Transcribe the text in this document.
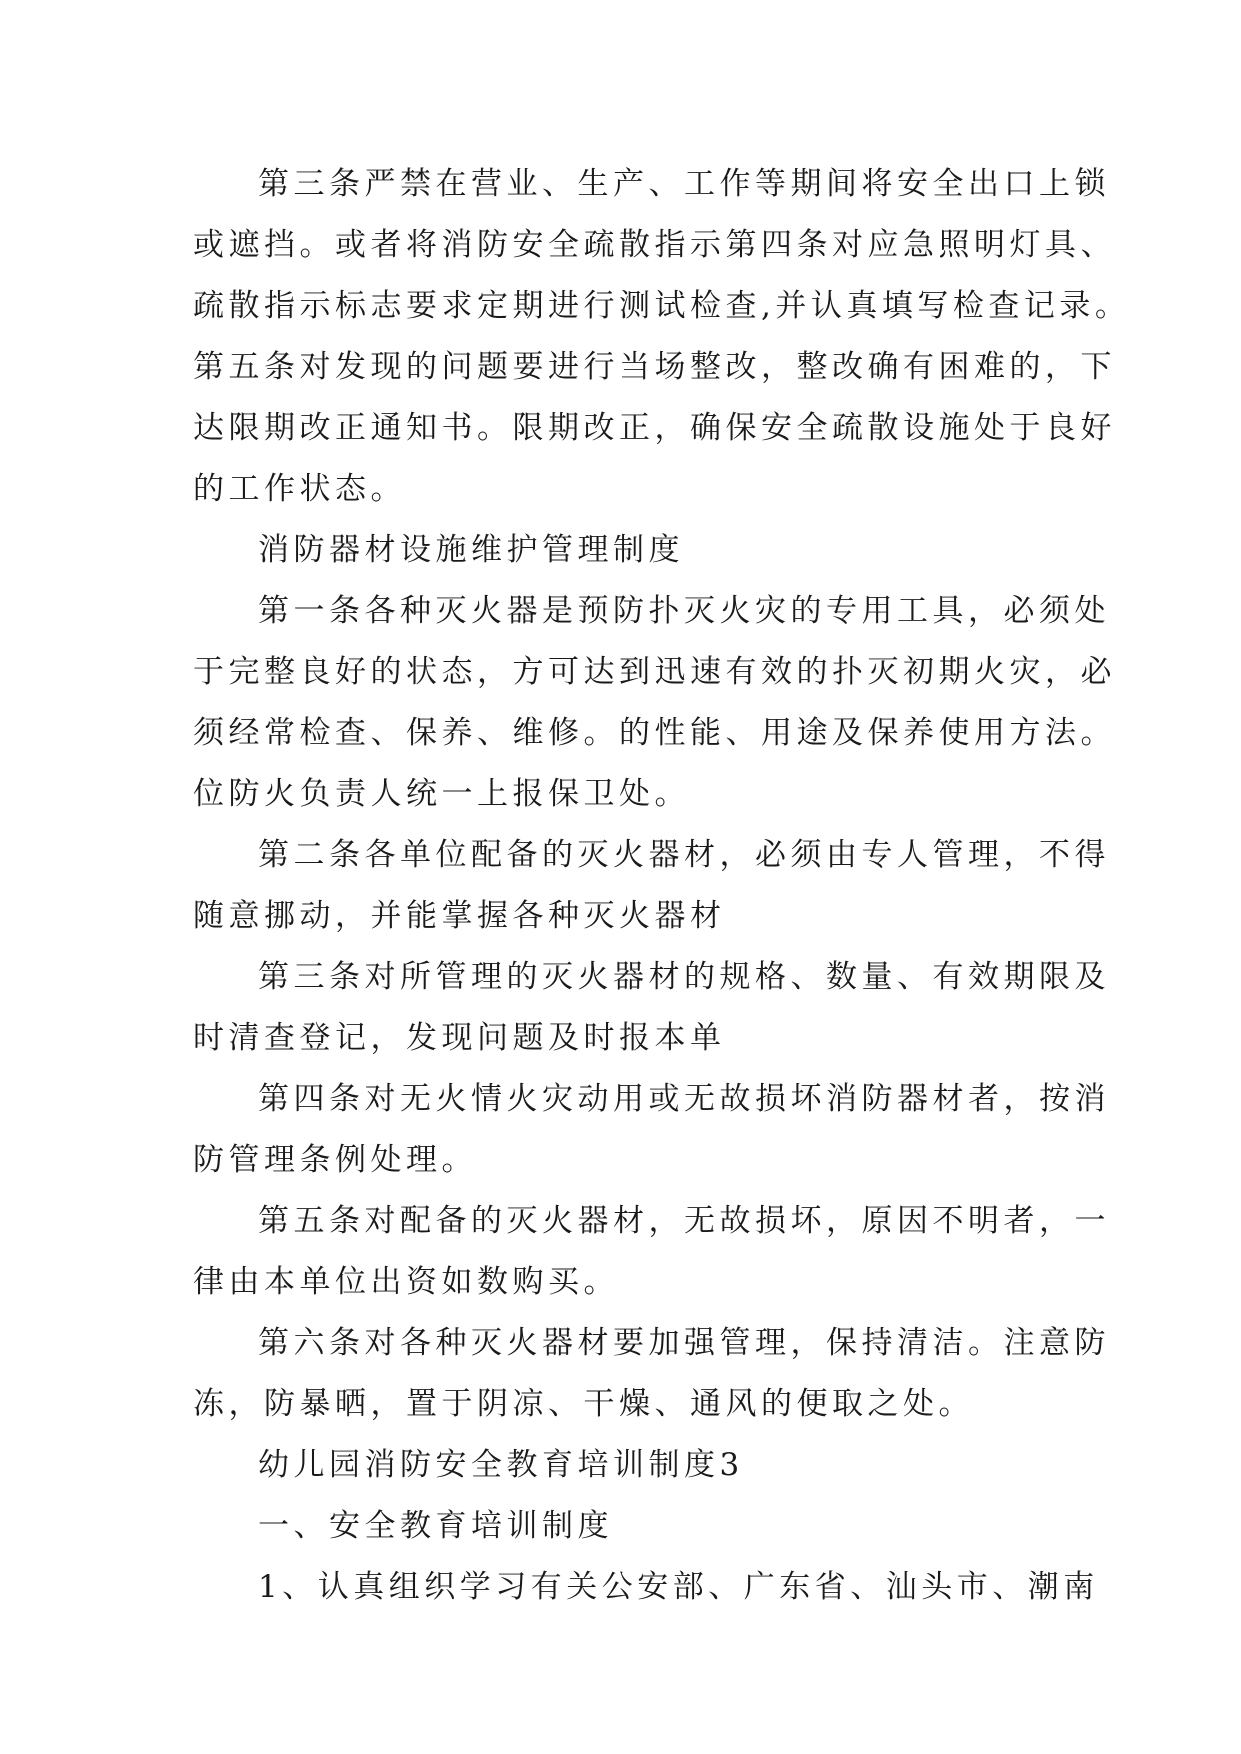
第三条严禁在营业、生产、工作等期间将安全出口上锁

或遮挡。或者将消防安全疏散指示第四条对应急照明灯具、

疏散指示标志要求定期进行测试检查,并认真填写检查记录。

第五条对发现的问题要进行当场整改，整改确有困难的，下

达限期改正通知书。限期改正，确保安全疏散设施处于良好

的工作状态。

消防器材设施维护管理制度

第一条各种灭火器是预防扑灭火灾的专用工具，必须处

于完整良好的状态，方可达到迅速有效的扑灭初期火灾，必

须经常检查、保养、维修。的性能、用途及保养使用方法。

位防火负责人统一上报保卫处。

第二条各单位配备的灭火器材，必须由专人管理，不得

随意挪动，并能掌握各种灭火器材

第三条对所管理的灭火器材的规格、数量、有效期限及

时清查登记，发现问题及时报本单

第四条对无火情火灾动用或无故损坏消防器材者，按消

防管理条例处理。

第五条对配备的灭火器材，无故损坏，原因不明者，一

律由本单位出资如数购买。

第六条对各种灭火器材要加强管理，保持清洁。注意防

冻，防暴晒，置于阴凉、干燥、通风的便取之处。

幼儿园消防安全教育培训制度3

一、安全教育培训制度

1、认真组织学习有关公安部、广东省、汕头市、潮南
